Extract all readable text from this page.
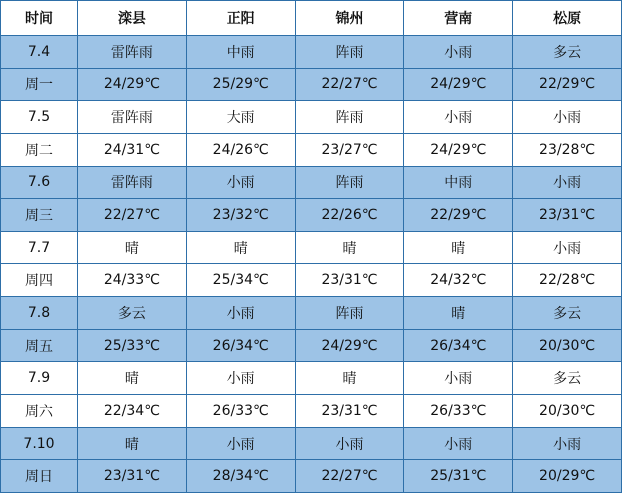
时间	滦县	正阳	锦州	营南	松原
7.4	雷阵雨	中雨	阵雨	小雨	多云
周一	24/29℃	25/29℃	22/27℃	24/29℃	22/29℃
7.5	雷阵雨	大雨	阵雨	小雨	小雨
周二	24/31℃	24/26℃	23/27℃	24/29℃	23/28℃
7.6	雷阵雨	小雨	阵雨	中雨	小雨
周三	22/27℃	23/32℃	22/26℃	22/29℃	23/31℃
7.7	晴	晴	晴	晴	小雨
周四	24/33℃	25/34℃	23/31℃	24/32℃	22/28℃
7.8	多云	小雨	阵雨	晴	多云
周五	25/33℃	26/34℃	24/29℃	26/34℃	20/30℃
7.9	晴	小雨	晴	小雨	多云
周六	22/34℃	26/33℃	23/31℃	26/33℃	20/30℃
7.10	晴	小雨	小雨	小雨	小雨
周日	23/31℃	28/34℃	22/27℃	25/31℃	20/29℃
